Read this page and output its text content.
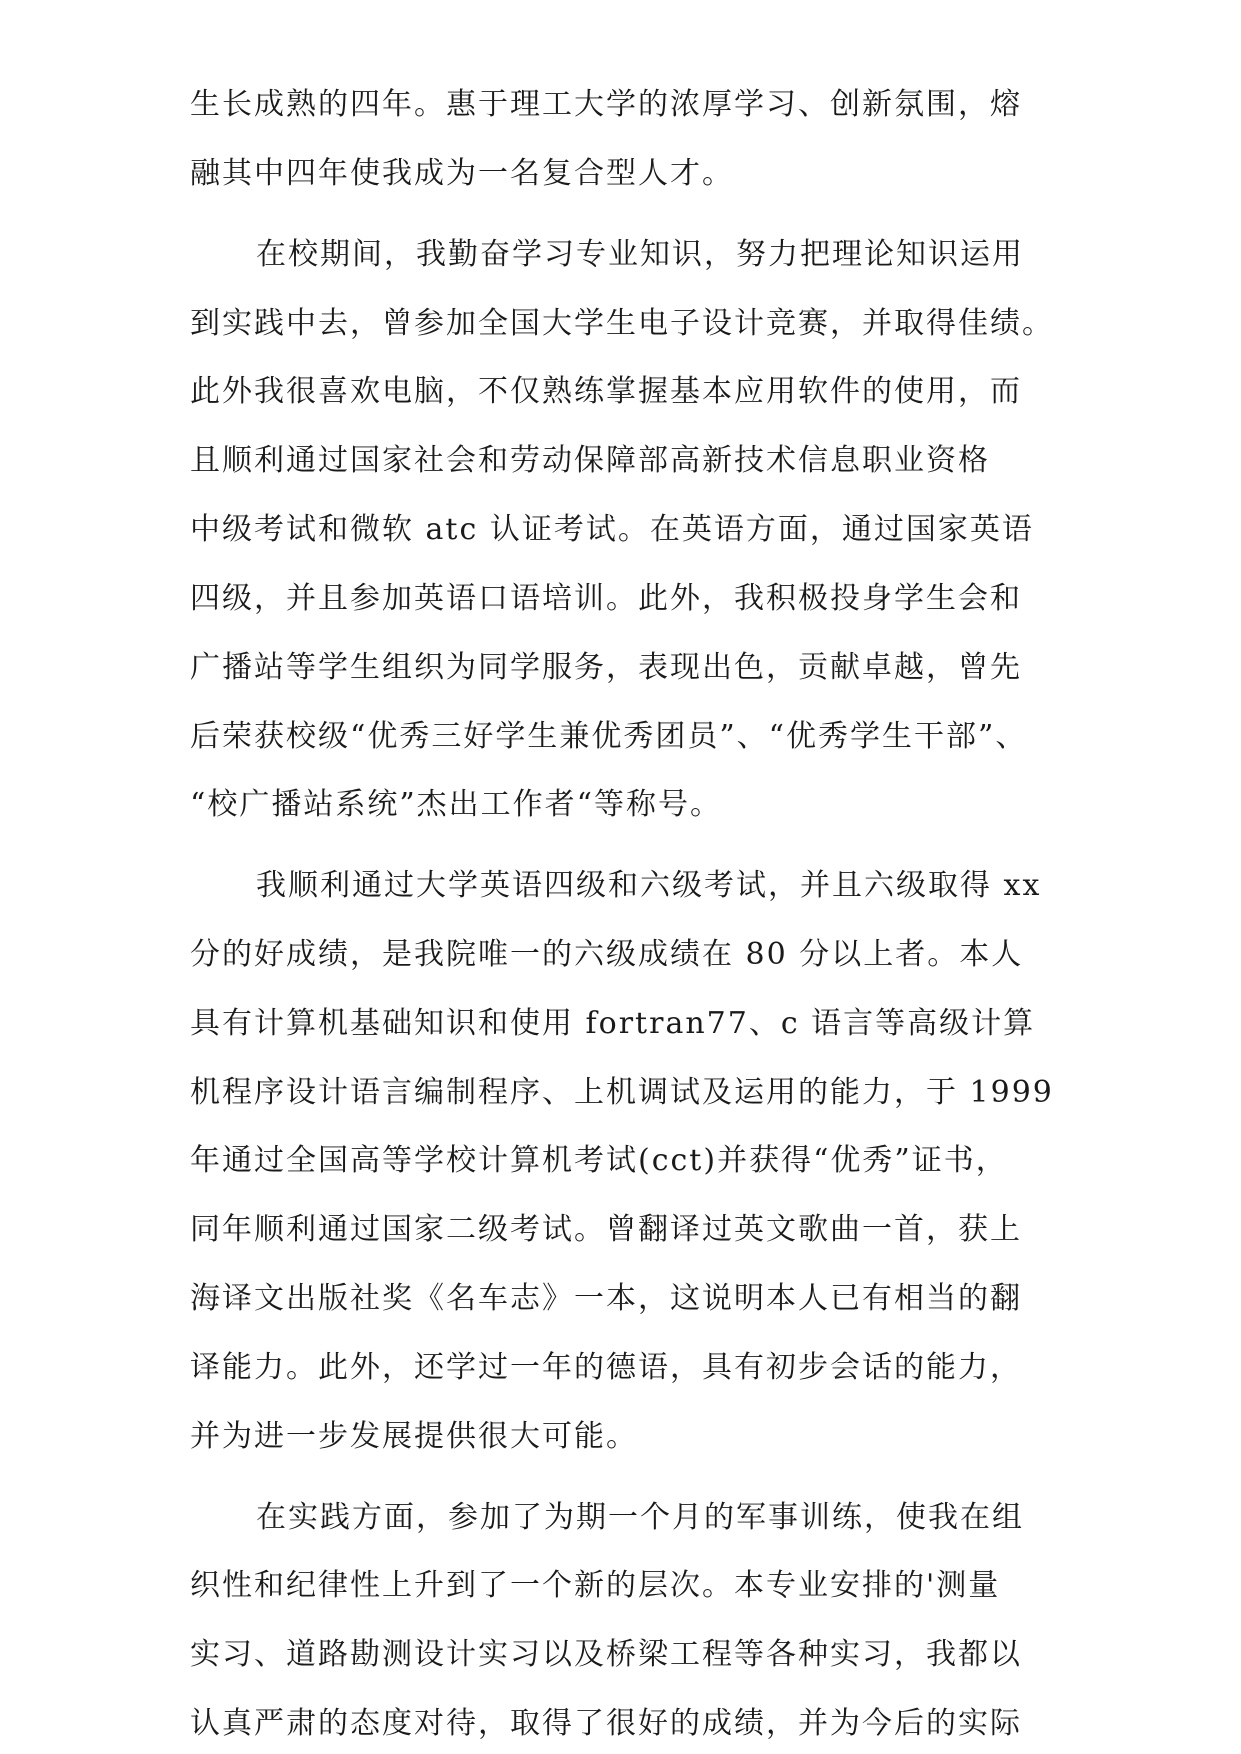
生长成熟的四年。惠于理工大学的浓厚学习、创新氛围，熔
融其中四年使我成为一名复合型人才。
在校期间，我勤奋学习专业知识，努力把理论知识运用
到实践中去，曾参加全国大学生电子设计竞赛，并取得佳绩。
此外我很喜欢电脑，不仅熟练掌握基本应用软件的使用，而
且顺利通过国家社会和劳动保障部高新技术信息职业资格
中级考试和微软 atc 认证考试。在英语方面，通过国家英语
四级，并且参加英语口语培训。此外，我积极投身学生会和
广播站等学生组织为同学服务，表现出色，贡献卓越，曾先
后荣获校级“优秀三好学生兼优秀团员”、“优秀学生干部”、
“校广播站系统”杰出工作者“等称号。
我顺利通过大学英语四级和六级考试，并且六级取得 xx
分的好成绩，是我院唯一的六级成绩在 80 分以上者。本人
具有计算机基础知识和使用 fortran77、c 语言等高级计算
机程序设计语言编制程序、上机调试及运用的能力，于 1999
年通过全国高等学校计算机考试(cct)并获得“优秀”证书，
同年顺利通过国家二级考试。曾翻译过英文歌曲一首，获上
海译文出版社奖《名车志》一本，这说明本人已有相当的翻
译能力。此外，还学过一年的德语，具有初步会话的能力，
并为进一步发展提供很大可能。
在实践方面，参加了为期一个月的军事训练，使我在组
织性和纪律性上升到了一个新的层次。本专业安排的'测量
实习、道路勘测设计实习以及桥梁工程等各种实习，我都以
认真严肃的态度对待，取得了很好的成绩，并为今后的实际
